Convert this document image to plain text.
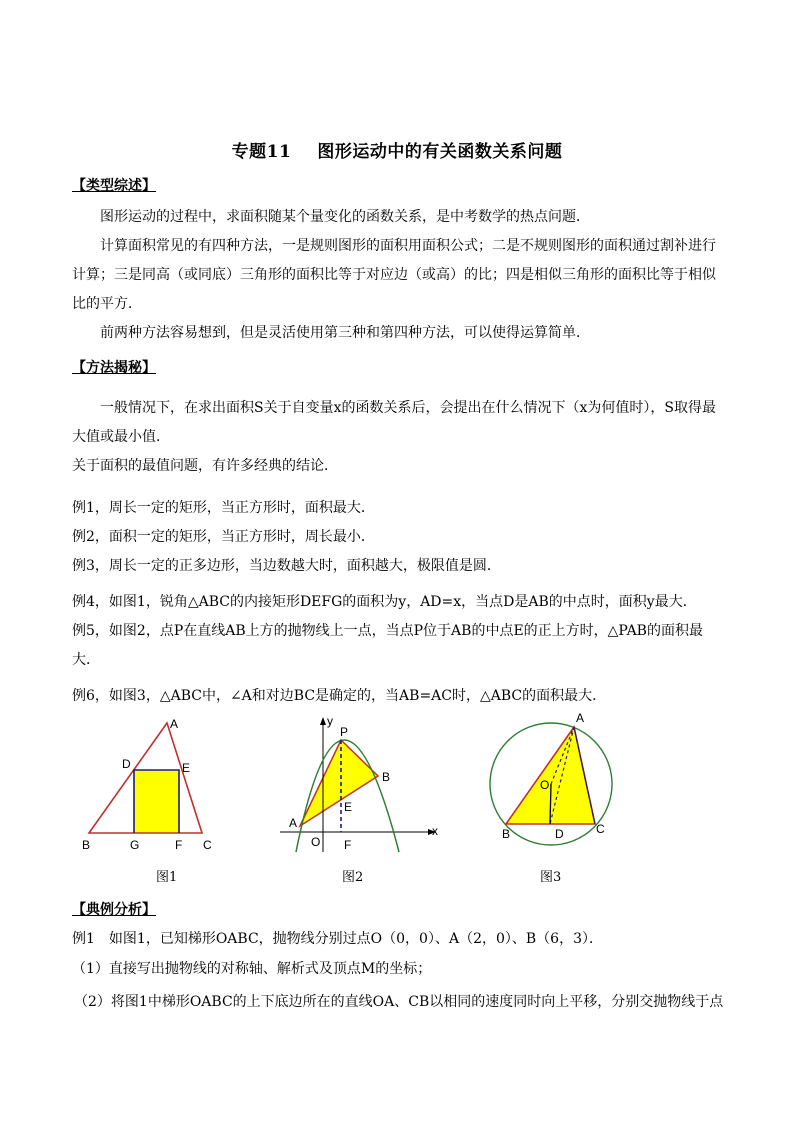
专题11 图形运动中的有关函数关系问题
【类型综述】
图形运动的过程中，求面积随某个量变化的函数关系，是中考数学的热点问题．
计算面积常见的有四种方法，一是规则图形的面积用面积公式；二是不规则图形的面积通过割补进行计算；三是同高（或同底）三角形的面积比等于对应边（或高）的比；四是相似三角形的面积比等于相似比的平方．
前两种方法容易想到，但是灵活使用第三种和第四种方法，可以使得运算简单．
【方法揭秘】
一般情况下，在求出面积S关于自变量x的函数关系后，会提出在什么情况下（x为何值时），S取得最大值或最小值．
关于面积的最值问题，有许多经典的结论．
例1，周长一定的矩形，当正方形时，面积最大．
例2，面积一定的矩形，当正方形时，周长最小．
例3，周长一定的正多边形，当边数越大时，面积越大，极限值是圆．
例4，如图1，锐角△ABC的内接矩形DEFG的面积为y，AD=x，当点D是AB的中点时，面积y最大．
例5，如图2，点P在直线AB上方的抛物线上一点，当点P位于AB的中点E的正上方时，△PAB的面积最大．
例6，如图3，△ABC中，∠A和对边BC是确定的，当AB=AC时，△ABC的面积最大．
A
D	E
B	G	F C
y
P
B
E
A
x
O F
A
O
B	D	C
图1	图2	图3
【典例分析】
例1　如图1，已知梯形OABC，抛物线分别过点O（0，0）、A（2，0）、B（6，3）．
（1）直接写出抛物线的对称轴、解析式及顶点M的坐标；
（2）将图1中梯形OABC的上下底边所在的直线OA、CB以相同的速度同时向上平移，分别交抛物线于点
